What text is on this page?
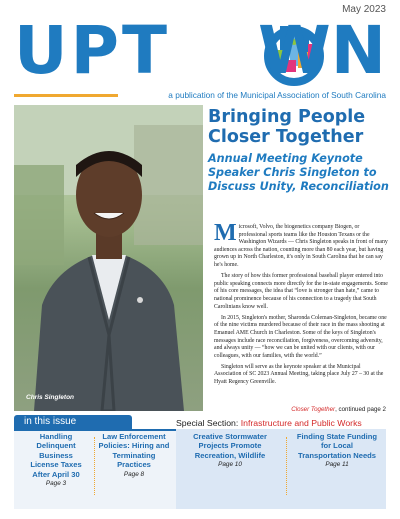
May 2023
UPT WN
a publication of the Municipal Association of South Carolina
Chris Singleton
Bringing People Closer Together
Annual Meeting Keynote Speaker Chris Singleton to Discuss Unity, Reconciliation

Microsoft, Volvo, the biogenetics company Biogen, or professional sports teams like the Houston Texans or the Washington Wizards — Chris Singleton speaks in front of many audiences across the nation, counting more than 80 each year, but having grown up in North Charleston, it's only in South Carolina that he can say he's home.

The story of how this former professional baseball player entered into public speaking connects more directly for the in-state engagements. Some of his core messages, the idea that “love is stronger than hate,” came to national prominence because of his connection to a tragedy that South Carolinians know well.

In 2015, Singleton's mother, Sharonda Coleman-Singleton, became one of the nine victims murdered because of their race in the mass shooting at Emanuel AME Church in Charleston. Some of the keys of Singleton's messages include race reconciliation, forgiveness, overcoming adversity, and always unity — “how we can be united with our clients, with our colleagues, with our families, with the world.”

Singleton will serve as the keynote speaker at the Municipal Association of SC 2023 Annual Meeting, taking place July 27 – 30 at the Hyatt Regency Greenville.

Closer Together, continued page 2
in this issue	Special Section: Infrastructure and Public Works
Handling Delinquent Business License Taxes After April 30
Page 3
Law Enforcement Policies: Hiring and Terminating Practices
Page 8
Creative Stormwater Projects Promote Recreation, Wildlife
Page 10
Finding State Funding for Local Transportation Needs
Page 11
